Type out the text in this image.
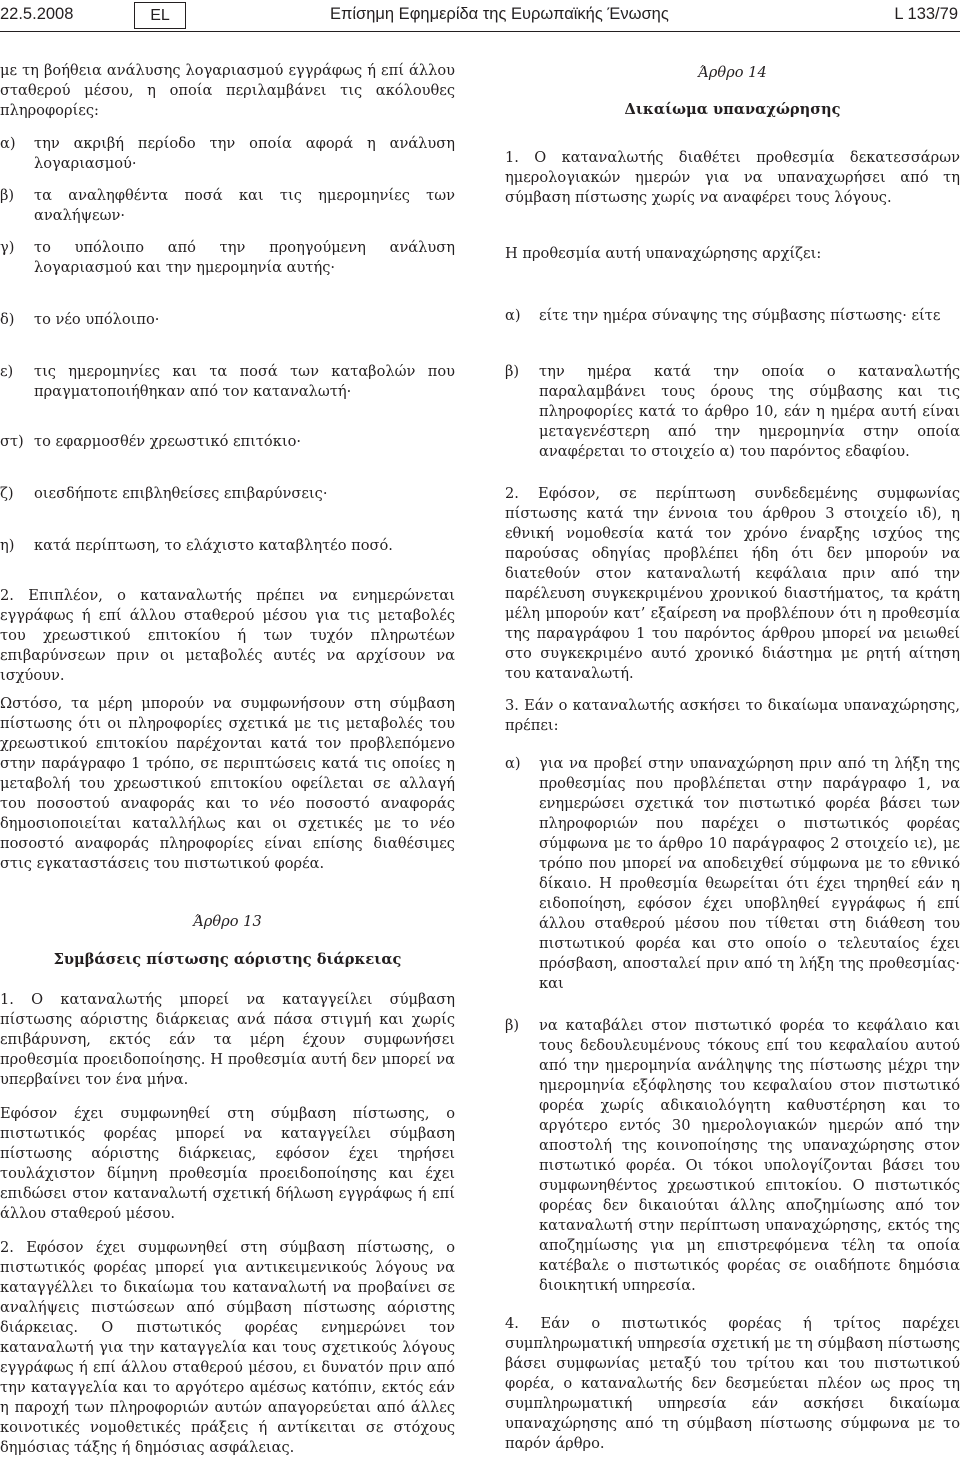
22.5.2008	EL	Επίσημη Εφημερίδα της Ευρωπαϊκής Ένωσης	L 133/79
με τη βοήθεια ανάλυσης λογαριασμού εγγράφως ή επί άλλου σταθερού μέσου, η οποία περιλαμβάνει τις ακόλουθες πληροφορίες:
α) την ακριβή περίοδο την οποία αφορά η ανάλυση λογαριασμού·
β) τα αναληφθέντα ποσά και τις ημερομηνίες των αναλήψεων·
γ) το υπόλοιπο από την προηγούμενη ανάλυση λογαριασμού και την ημερομηνία αυτής·
δ) το νέο υπόλοιπο·
ε) τις ημερομηνίες και τα ποσά των καταβολών που πραγματοποιήθηκαν από τον καταναλωτή·
στ) το εφαρμοσθέν χρεωστικό επιτόκιο·
ζ) οιεσδήποτε επιβληθείσες επιβαρύνσεις·
η) κατά περίπτωση, το ελάχιστο καταβλητέο ποσό.
2. Επιπλέον, ο καταναλωτής πρέπει να ενημερώνεται εγγράφως ή επί άλλου σταθερού μέσου για τις μεταβολές του χρεωστικού επιτοκίου ή των τυχόν πληρωτέων επιβαρύνσεων πριν οι μεταβολές αυτές να αρχίσουν να ισχύουν.
Ωστόσο, τα μέρη μπορούν να συμφωνήσουν στη σύμβαση πίστωσης ότι οι πληροφορίες σχετικά με τις μεταβολές του χρεωστικού επιτοκίου παρέχονται κατά τον προβλεπόμενο στην παράγραφο 1 τρόπο, σε περιπτώσεις κατά τις οποίες η μεταβολή του χρεωστικού επιτοκίου οφείλεται σε αλλαγή του ποσοστού αναφοράς και το νέο ποσοστό αναφοράς δημοσιοποιείται καταλλήλως και οι σχετικές με το νέο ποσοστό αναφοράς πληροφορίες είναι επίσης διαθέσιμες στις εγκαταστάσεις του πιστωτικού φορέα.
Άρθρο 13
Συμβάσεις πίστωσης αόριστης διάρκειας
1. Ο καταναλωτής μπορεί να καταγγείλει σύμβαση πίστωσης αόριστης διάρκειας ανά πάσα στιγμή και χωρίς επιβάρυνση, εκτός εάν τα μέρη έχουν συμφωνήσει προθεσμία προειδοποίησης. Η προθεσμία αυτή δεν μπορεί να υπερβαίνει τον ένα μήνα.
Εφόσον έχει συμφωνηθεί στη σύμβαση πίστωσης, ο πιστωτικός φορέας μπορεί να καταγγείλει σύμβαση πίστωσης αόριστης διάρκειας, εφόσον έχει τηρήσει τουλάχιστον δίμηνη προθεσμία προειδοποίησης και έχει επιδώσει στον καταναλωτή σχετική δήλωση εγγράφως ή επί άλλου σταθερού μέσου.
2. Εφόσον έχει συμφωνηθεί στη σύμβαση πίστωσης, ο πιστωτικός φορέας μπορεί για αντικειμενικούς λόγους να καταγγέλλει το δικαίωμα του καταναλωτή να προβαίνει σε αναλήψεις πιστώσεων από σύμβαση πίστωσης αόριστης διάρκειας. Ο πιστωτικός φορέας ενημερώνει τον καταναλωτή για την καταγγελία και τους σχετικούς λόγους εγγράφως ή επί άλλου σταθερού μέσου, ει δυνατόν πριν από την καταγγελία και το αργότερο αμέσως κατόπιν, εκτός εάν η παροχή των πληροφοριών αυτών απαγορεύεται από άλλες κοινοτικές νομοθετικές πράξεις ή αντίκειται σε στόχους δημόσιας τάξης ή δημόσιας ασφάλειας.
Άρθρο 14
Δικαίωμα υπαναχώρησης
1. Ο καταναλωτής διαθέτει προθεσμία δεκατεσσάρων ημερολογιακών ημερών για να υπαναχωρήσει από τη σύμβαση πίστωσης χωρίς να αναφέρει τους λόγους.
Η προθεσμία αυτή υπαναχώρησης αρχίζει:
α) είτε την ημέρα σύναψης της σύμβασης πίστωσης· είτε
β) την ημέρα κατά την οποία ο καταναλωτής παραλαμβάνει τους όρους της σύμβασης και τις πληροφορίες κατά το άρθρο 10, εάν η ημέρα αυτή είναι μεταγενέστερη από την ημερομηνία στην οποία αναφέρεται το στοιχείο α) του παρόντος εδαφίου.
2. Εφόσον, σε περίπτωση συνδεδεμένης συμφωνίας πίστωσης κατά την έννοια του άρθρου 3 στοιχείο ιδ), η εθνική νομοθεσία κατά τον χρόνο έναρξης ισχύος της παρούσας οδηγίας προβλέπει ήδη ότι δεν μπορούν να διατεθούν στον καταναλωτή κεφάλαια πριν από την παρέλευση συγκεκριμένου χρονικού διαστήματος, τα κράτη μέλη μπορούν κατ’ εξαίρεση να προβλέπουν ότι η προθεσμία της παραγράφου 1 του παρόντος άρθρου μπορεί να μειωθεί στο συγκεκριμένο αυτό χρονικό διάστημα με ρητή αίτηση του καταναλωτή.
3. Εάν ο καταναλωτής ασκήσει το δικαίωμα υπαναχώρησης, πρέπει:
α) για να προβεί στην υπαναχώρηση πριν από τη λήξη της προθεσμίας που προβλέπεται στην παράγραφο 1, να ενημερώσει σχετικά τον πιστωτικό φορέα βάσει των πληροφοριών που παρέχει ο πιστωτικός φορέας σύμφωνα με το άρθρο 10 παράγραφος 2 στοιχείο ιε), με τρόπο που μπορεί να αποδειχθεί σύμφωνα με το εθνικό δίκαιο. Η προθεσμία θεωρείται ότι έχει τηρηθεί εάν η ειδοποίηση, εφόσον έχει υποβληθεί εγγράφως ή επί άλλου σταθερού μέσου που τίθεται στη διάθεση του πιστωτικού φορέα και στο οποίο ο τελευταίος έχει πρόσβαση, αποσταλεί πριν από τη λήξη της προθεσμίας· και
β) να καταβάλει στον πιστωτικό φορέα το κεφάλαιο και τους δεδουλευμένους τόκους επί του κεφαλαίου αυτού από την ημερομηνία ανάληψης της πίστωσης μέχρι την ημερομηνία εξόφλησης του κεφαλαίου στον πιστωτικό φορέα χωρίς αδικαιολόγητη καθυστέρηση και το αργότερο εντός 30 ημερολογιακών ημερών από την αποστολή της κοινοποίησης της υπαναχώρησης στον πιστωτικό φορέα. Οι τόκοι υπολογίζονται βάσει του συμφωνηθέντος χρεωστικού επιτοκίου. Ο πιστωτικός φορέας δεν δικαιούται άλλης αποζημίωσης από τον καταναλωτή στην περίπτωση υπαναχώρησης, εκτός της αποζημίωσης για μη επιστρεφόμενα τέλη τα οποία κατέβαλε ο πιστωτικός φορέας σε οιαδήποτε δημόσια διοικητική υπηρεσία.
4. Εάν ο πιστωτικός φορέας ή τρίτος παρέχει συμπληρωματική υπηρεσία σχετική με τη σύμβαση πίστωσης βάσει συμφωνίας μεταξύ του τρίτου και του πιστωτικού φορέα, ο καταναλωτής δεν δεσμεύεται πλέον ως προς τη συμπληρωματική υπηρεσία εάν ασκήσει δικαίωμα υπαναχώρησης από τη σύμβαση πίστωσης σύμφωνα με το παρόν άρθρο.
